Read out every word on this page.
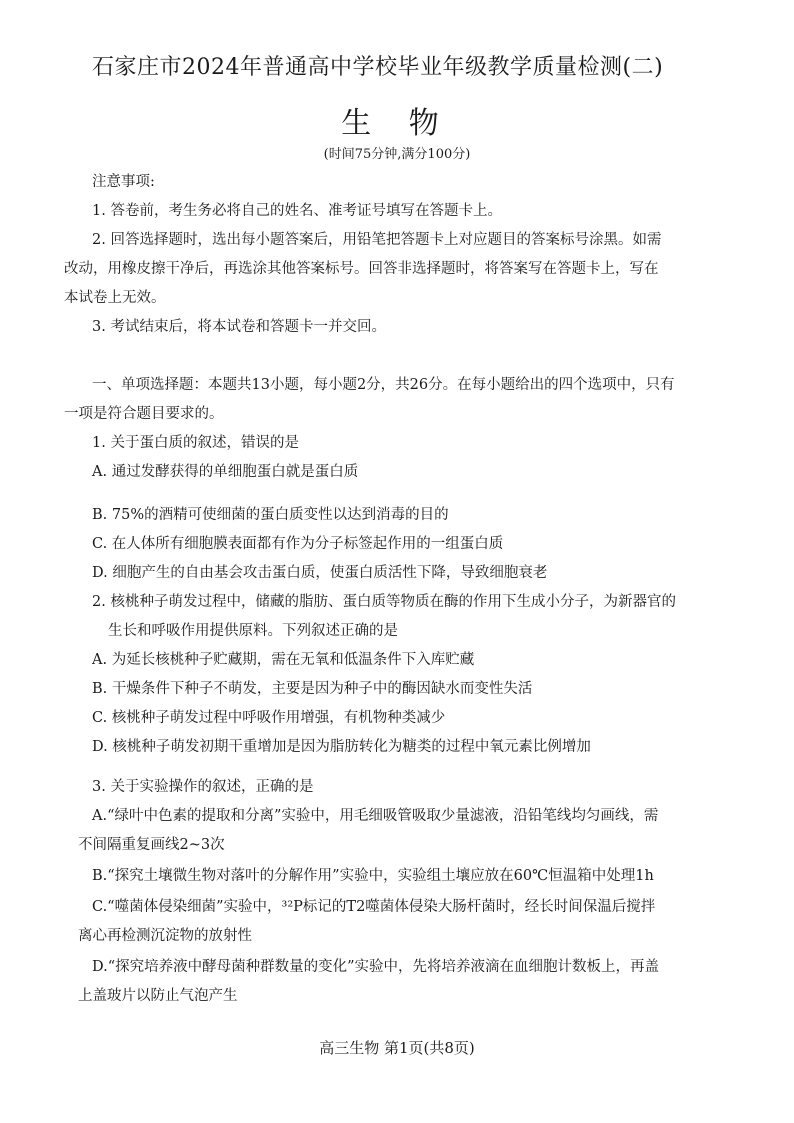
石家庄市2024年普通高中学校毕业年级教学质量检测(二)
生 物
(时间75分钟,满分100分)
注意事项:
1. 答卷前，考生务必将自己的姓名、准考证号填写在答题卡上。
2. 回答选择题时，选出每小题答案后，用铅笔把答题卡上对应题目的答案标号涂黑。如需
改动，用橡皮擦干净后，再选涂其他答案标号。回答非选择题时，将答案写在答题卡上，写在
本试卷上无效。
3. 考试结束后，将本试卷和答题卡一并交回。
一、单项选择题：本题共13小题，每小题2分，共26分。在每小题给出的四个选项中，只有
一项是符合题目要求的。
1. 关于蛋白质的叙述，错误的是
A. 通过发酵获得的单细胞蛋白就是蛋白质
B. 75%的酒精可使细菌的蛋白质变性以达到消毒的目的
C. 在人体所有细胞膜表面都有作为分子标签起作用的一组蛋白质
D. 细胞产生的自由基会攻击蛋白质，使蛋白质活性下降，导致细胞衰老
2. 核桃种子萌发过程中，储藏的脂肪、蛋白质等物质在酶的作用下生成小分子，为新器官的
生长和呼吸作用提供原料。下列叙述正确的是
A. 为延长核桃种子贮藏期，需在无氧和低温条件下入库贮藏
B. 干燥条件下种子不萌发，主要是因为种子中的酶因缺水而变性失活
C. 核桃种子萌发过程中呼吸作用增强，有机物种类减少
D. 核桃种子萌发初期干重增加是因为脂肪转化为糖类的过程中氧元素比例增加
3. 关于实验操作的叙述，正确的是
A.“绿叶中色素的提取和分离”实验中，用毛细吸管吸取少量滤液，沿铅笔线均匀画线，需
不间隔重复画线2~3次
B.“探究土壤微生物对落叶的分解作用”实验中，实验组土壤应放在60℃恒温箱中处理1h
C.“噬菌体侵染细菌”实验中，³²P标记的T2噬菌体侵染大肠杆菌时，经长时间保温后搅拌
离心再检测沉淀物的放射性
D.“探究培养液中酵母菌种群数量的变化”实验中，先将培养液滴在血细胞计数板上，再盖
上盖玻片以防止气泡产生
高三生物 第1页(共8页)
